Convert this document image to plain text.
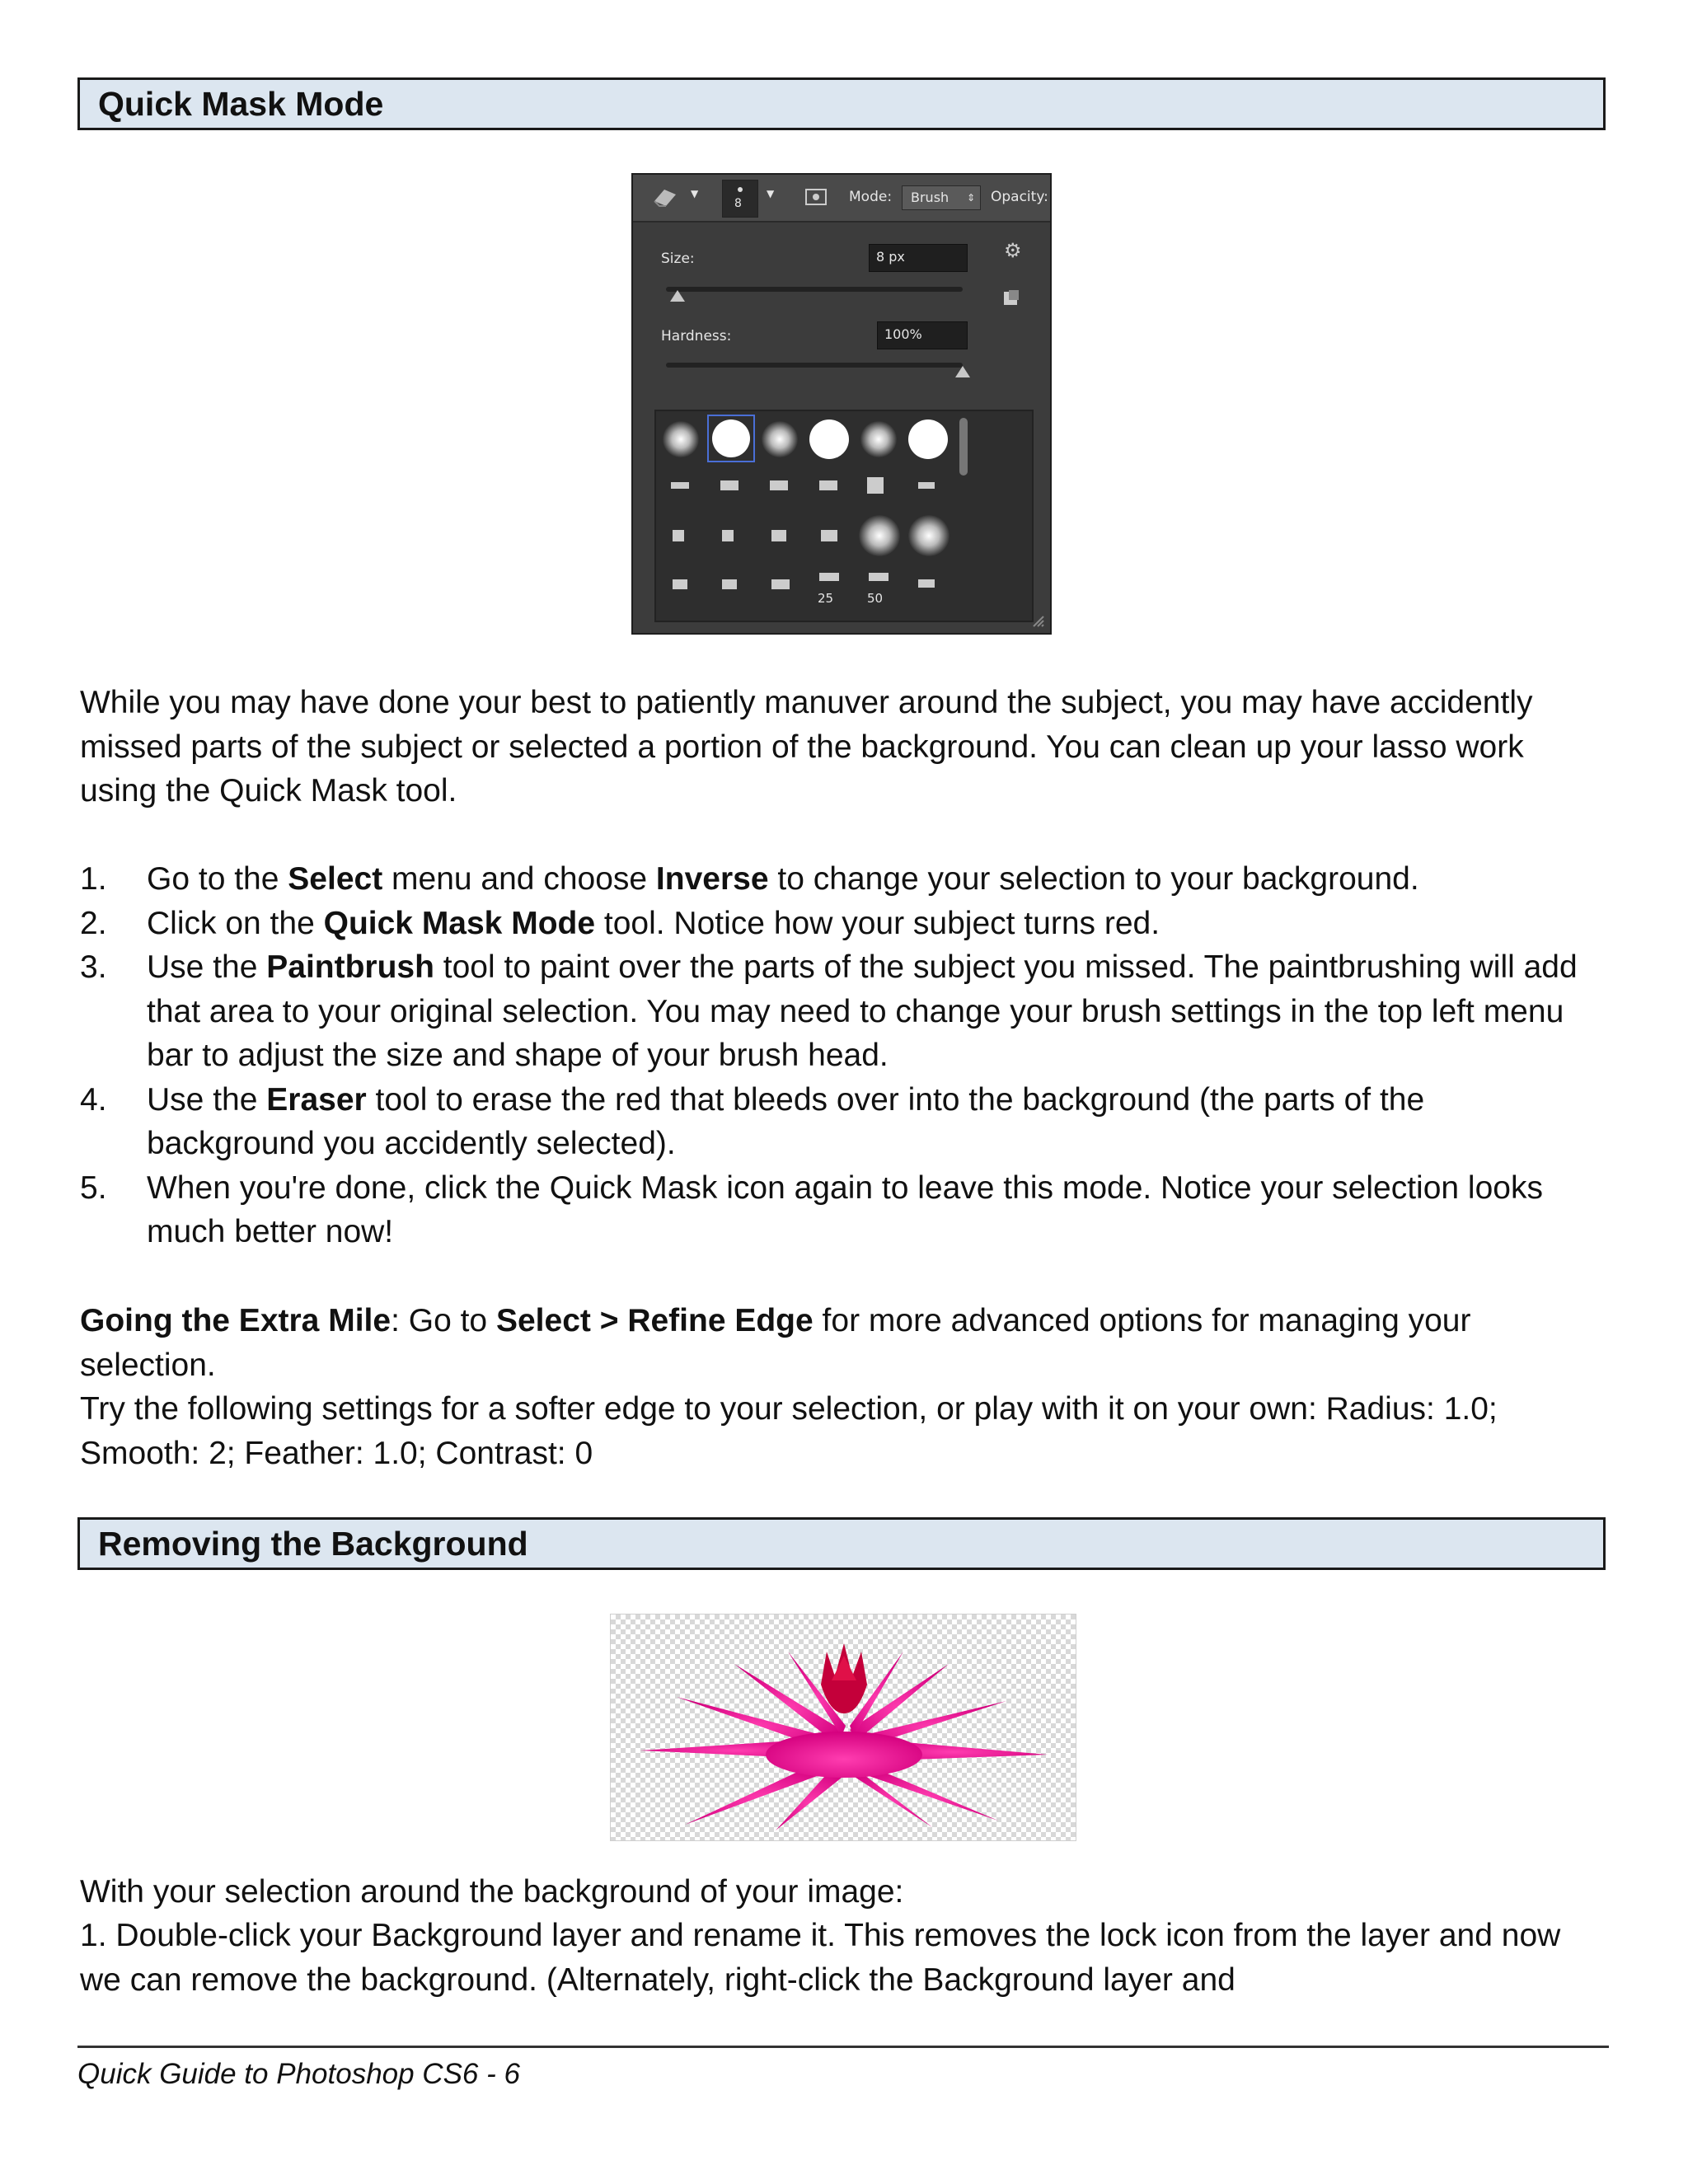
Quick Mask Mode
▼
8
▼	Mode:	Brush ⇕ Opacity:
Size:	8 px	⚙
Hardness:	100%
25	50

While you may have done your best to patiently manuver around the subject, you may have accidently missed parts of the subject or selected a portion of the background. You can clean up your lasso work using the Quick Mask tool.

1. Go to the Select menu and choose Inverse to change your selection to your background.
2. Click on the Quick Mask Mode tool. Notice how your subject turns red.
3. Use the Paintbrush tool to paint over the parts of the subject you missed. The paintbrushing will add that area to your original selection. You may need to change your brush settings in the top left menu bar to adjust the size and shape of your brush head.
4. Use the Eraser tool to erase the red that bleeds over into the background (the parts of the background you accidently selected).
5. When you're done, click the Quick Mask icon again to leave this mode. Notice your selection looks much better now!

Going the Extra Mile: Go to Select > Refine Edge for more advanced options for managing your selection.

Try the following settings for a softer edge to your selection, or play with it on your own: Radius: 1.0; Smooth: 2; Feather: 1.0; Contrast: 0

Removing the Background

With your selection around the background of your image:

1. Double-click your Background layer and rename it. This removes the lock icon from the layer and now we can remove the background. (Alternately, right-click the Background layer and

Quick Guide to Photoshop CS6 - 6
